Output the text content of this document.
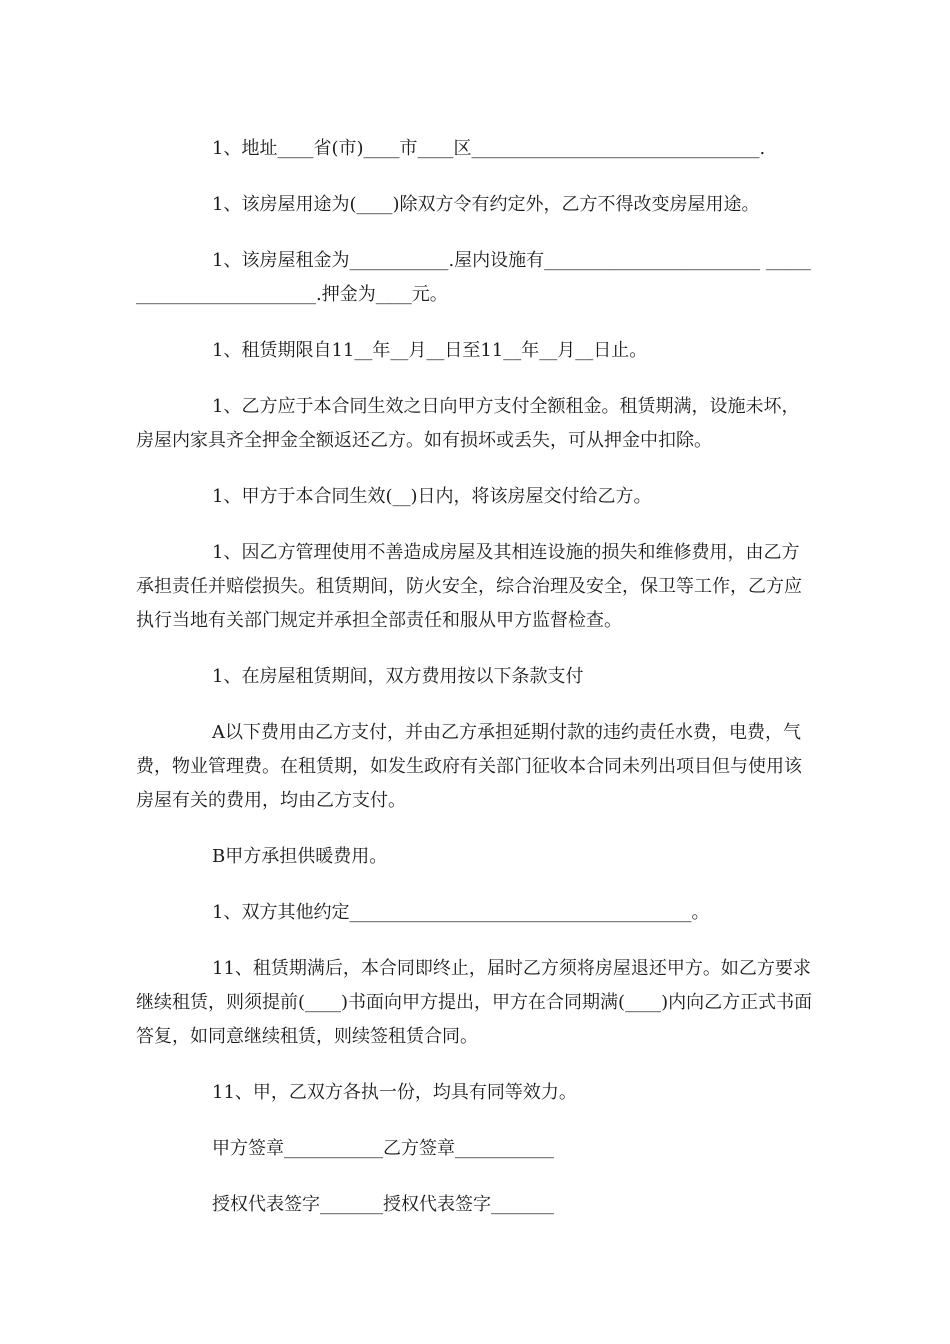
1、地址____省(市)____市____区________________________________.

1、该房屋用途为(____)除双方令有约定外，乙方不得改变房屋用途。

1、该房屋租金为___________.屋内设施有________________________ _________________________.押金为____元。

1、租赁期限自11__年__月__日至11__年__月__日止。

1、乙方应于本合同生效之日向甲方支付全额租金。租赁期满，设施未坏，房屋内家具齐全押金全额返还乙方。如有损坏或丢失，可从押金中扣除。

1、甲方于本合同生效(__)日内，将该房屋交付给乙方。

1、因乙方管理使用不善造成房屋及其相连设施的损失和维修费用，由乙方承担责任并赔偿损失。租赁期间，防火安全，综合治理及安全，保卫等工作，乙方应执行当地有关部门规定并承担全部责任和服从甲方监督检查。

1、在房屋租赁期间，双方费用按以下条款支付

A以下费用由乙方支付，并由乙方承担延期付款的违约责任水费，电费，气费，物业管理费。在租赁期，如发生政府有关部门征收本合同未列出项目但与使用该房屋有关的费用，均由乙方支付。

B甲方承担供暖费用。

1、双方其他约定______________________________________。

11、租赁期满后，本合同即终止，届时乙方须将房屋退还甲方。如乙方要求继续租赁，则须提前(____)书面向甲方提出，甲方在合同期满(____)内向乙方正式书面答复，如同意继续租赁，则续签租赁合同。

11、甲，乙双方各执一份，均具有同等效力。

甲方签章___________乙方签章___________

授权代表签字_______授权代表签字_______
